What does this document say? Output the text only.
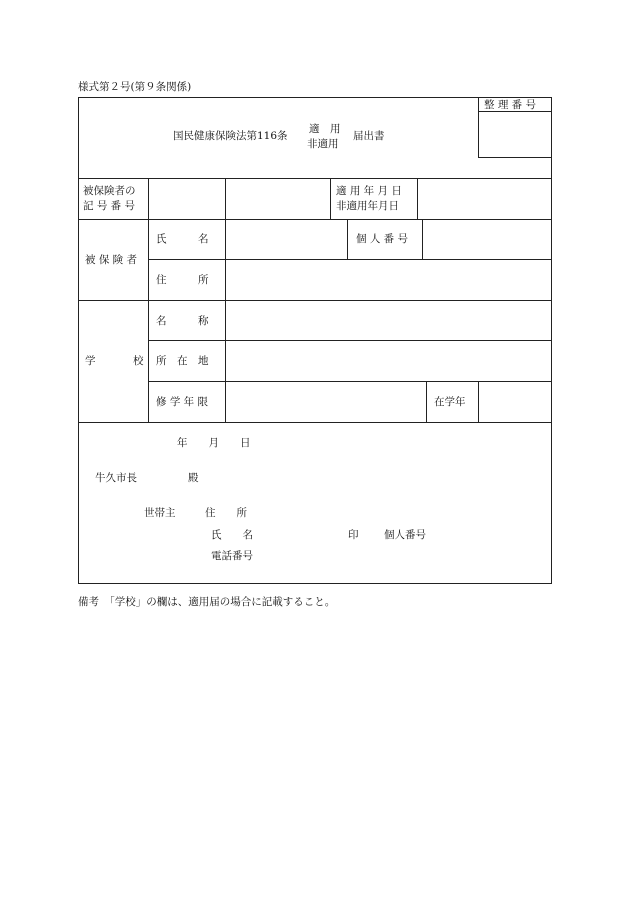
様式第２号(第９条関係)
整 理 番 号
国民健康保険法第116条
適　用
非適用
届出書
被保険者の
記 号 番 号
適 用 年 月 日
非適用年月日
被 保 険 者
氏　　　名	個 人 番 号
住　　　所
学	校
名　　　称
所　在　地
修 学 年 限	在学年
年　　月　　日
牛久市長	殿
世帯主	住　　所
氏　　名	印 個人番号
電話番号
備考　「学校」の欄は、適用届の場合に記載すること。
